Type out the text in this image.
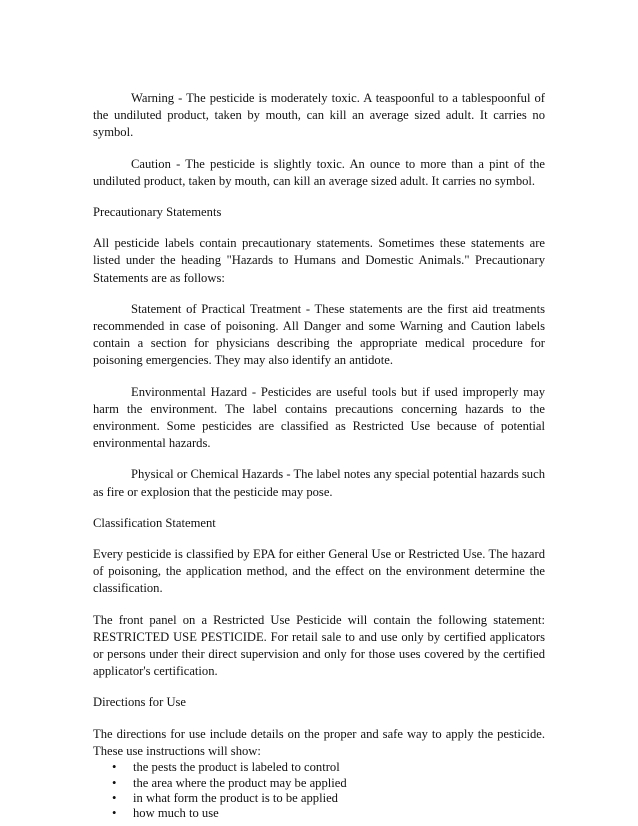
Warning - The pesticide is moderately toxic. A teaspoonful to a tablespoonful of the undiluted product, taken by mouth, can kill an average sized adult. It carries no symbol.

Caution - The pesticide is slightly toxic. An ounce to more than a pint of the undiluted product, taken by mouth, can kill an average sized adult. It carries no symbol.

Precautionary Statements

All pesticide labels contain precautionary statements. Sometimes these statements are listed under the heading "Hazards to Humans and Domestic Animals." Precautionary Statements are as follows:

Statement of Practical Treatment - These statements are the first aid treatments recommended in case of poisoning. All Danger and some Warning and Caution labels contain a section for physicians describing the appropriate medical procedure for poisoning emergencies. They may also identify an antidote.

Environmental Hazard - Pesticides are useful tools but if used improperly may harm the environment. The label contains precautions concerning hazards to the environment. Some pesticides are classified as Restricted Use because of potential environmental hazards.

Physical or Chemical Hazards - The label notes any special potential hazards such as fire or explosion that the pesticide may pose.

Classification Statement

Every pesticide is classified by EPA for either General Use or Restricted Use. The hazard of poisoning, the application method, and the effect on the environment determine the classification.

The front panel on a Restricted Use Pesticide will contain the following statement: RESTRICTED USE PESTICIDE. For retail sale to and use only by certified applicators or persons under their direct supervision and only for those uses covered by the certified applicator's certification.

Directions for Use

The directions for use include details on the proper and safe way to apply the pesticide. These use instructions will show:

• the pests the product is labeled to control
• the area where the product may be applied
• in what form the product is to be applied
• how much to use
